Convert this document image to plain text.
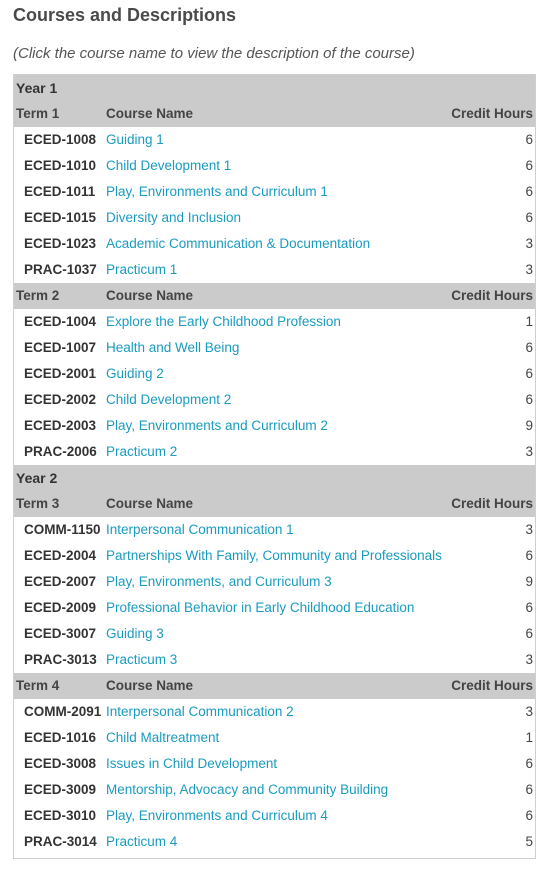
Courses and Descriptions

(Click the course name to view the description of the course)

Year 1
Term 1	Course Name	Credit Hours
ECED-1008 Guiding 1	6
ECED-1010 Child Development 1	6
ECED-1011 Play, Environments and Curriculum 1	6
ECED-1015 Diversity and Inclusion	6
ECED-1023 Academic Communication & Documentation	3
PRAC-1037 Practicum 1	3
Term 2	Course Name	Credit Hours
ECED-1004 Explore the Early Childhood Profession	1
ECED-1007 Health and Well Being	6
ECED-2001 Guiding 2	6
ECED-2002 Child Development 2	6
ECED-2003 Play, Environments and Curriculum 2	9
PRAC-2006 Practicum 2	3
Year 2
Term 3	Course Name	Credit Hours
COMM-1150 Interpersonal Communication 1	3
ECED-2004 Partnerships With Family, Community and Professionals	6
ECED-2007 Play, Environments, and Curriculum 3	9
ECED-2009 Professional Behavior in Early Childhood Education	6
ECED-3007 Guiding 3	6
PRAC-3013 Practicum 3	3
Term 4	Course Name	Credit Hours
COMM-2091 Interpersonal Communication 2	3
ECED-1016 Child Maltreatment	1
ECED-3008 Issues in Child Development	6
ECED-3009 Mentorship, Advocacy and Community Building	6
ECED-3010 Play, Environments and Curriculum 4	6
PRAC-3014 Practicum 4	5
